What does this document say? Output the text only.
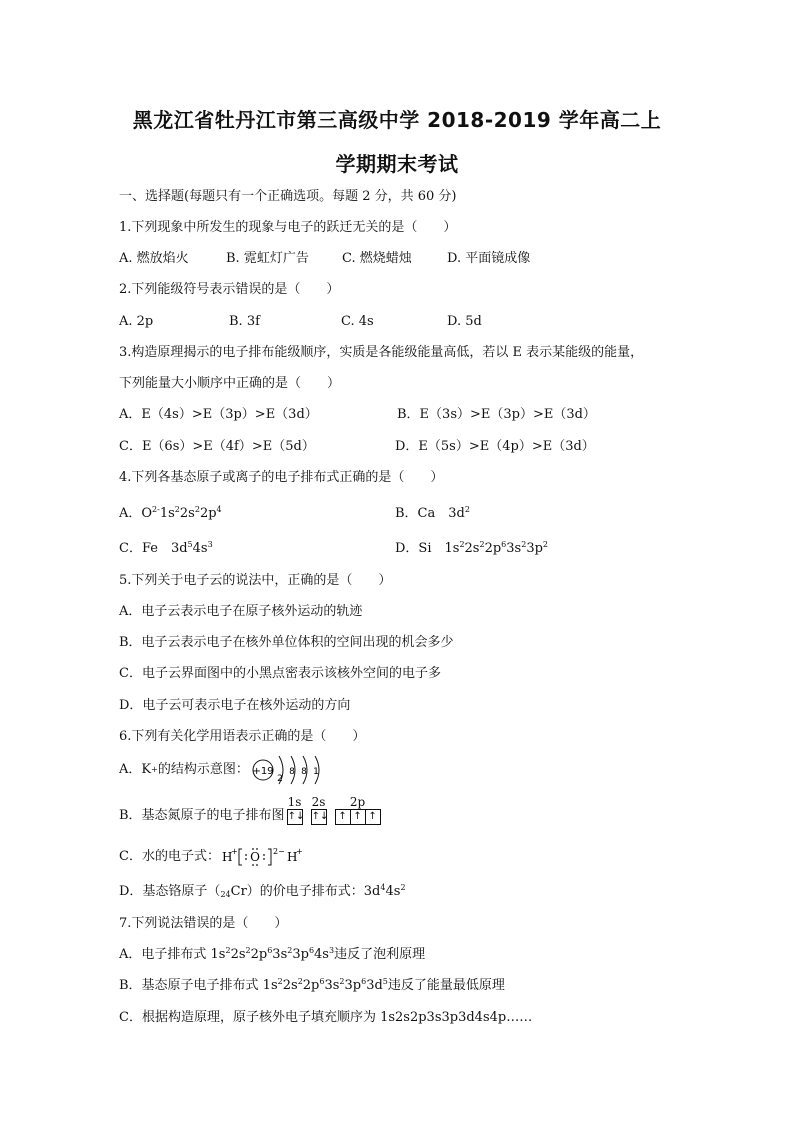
黑龙江省牡丹江市第三高级中学 2018-2019 学年高二上
学期期末考试
一、选择题(每题只有一个正确选项。每题 2 分，共 60 分)
1.下列现象中所发生的现象与电子的跃迁无关的是（　　）
A. 燃放焰火	B. 霓虹灯广告	C. 燃烧蜡烛	D. 平面镜成像
2.下列能级符号表示错误的是（　　）
A. 2p	B. 3f	C. 4s	D. 5d
3.构造原理揭示的电子排布能级顺序，实质是各能级能量高低，若以 E 表示某能级的能量，
下列能量大小顺序中正确的是（　　）
A．E（4s）>E（3p）>E（3d）	B．E（3s）>E（3p）>E（3d）
C．E（6s）>E（4f）>E（5d）	D．E（5s）>E（4p）>E（3d）
4.下列各基态原子或离子的电子排布式正确的是（　　）
A．$O^{2-}1s^22s^22p^4$	B．Ca　$3d^2$
C．Fe　$3d^54s^3$	D．Si　$1s^22s^22p^63s^23p^2$
5.下列关于电子云的说法中，正确的是（　　）
A．电子云表示电子在原子核外运动的轨迹
B．电子云表示电子在核外单位体积的空间出现的机会多少
C．电子云界面图中的小黑点密表示该核外空间的电子多
D．电子云可表示电子在核外运动的方向
6.下列有关化学用语表示正确的是（　　）
A．K + 的结构示意图： +19
2
8 8 1
B．基态氮原子的电子排布图
1s
↑↓
2s
↑↓
2p
↑ ↑ ↑
C．水的电子式： H
+ O 2− H
+
D．基态铬原子$(_{24}Cr)$的价电子排布式：$3d^44s^2$
7.下列说法错误的是（　　）
A．电子排布式 $1s^22s^22p^63s^23p^64s^3$违反了泡利原理
B．基态原子电子排布式 $1s^22s^22p^63s^23p^63d^5$违反了能量最低原理
C．根据构造原理，原子核外电子填充顺序为 1s2s2p3s3p3d4s4p……
